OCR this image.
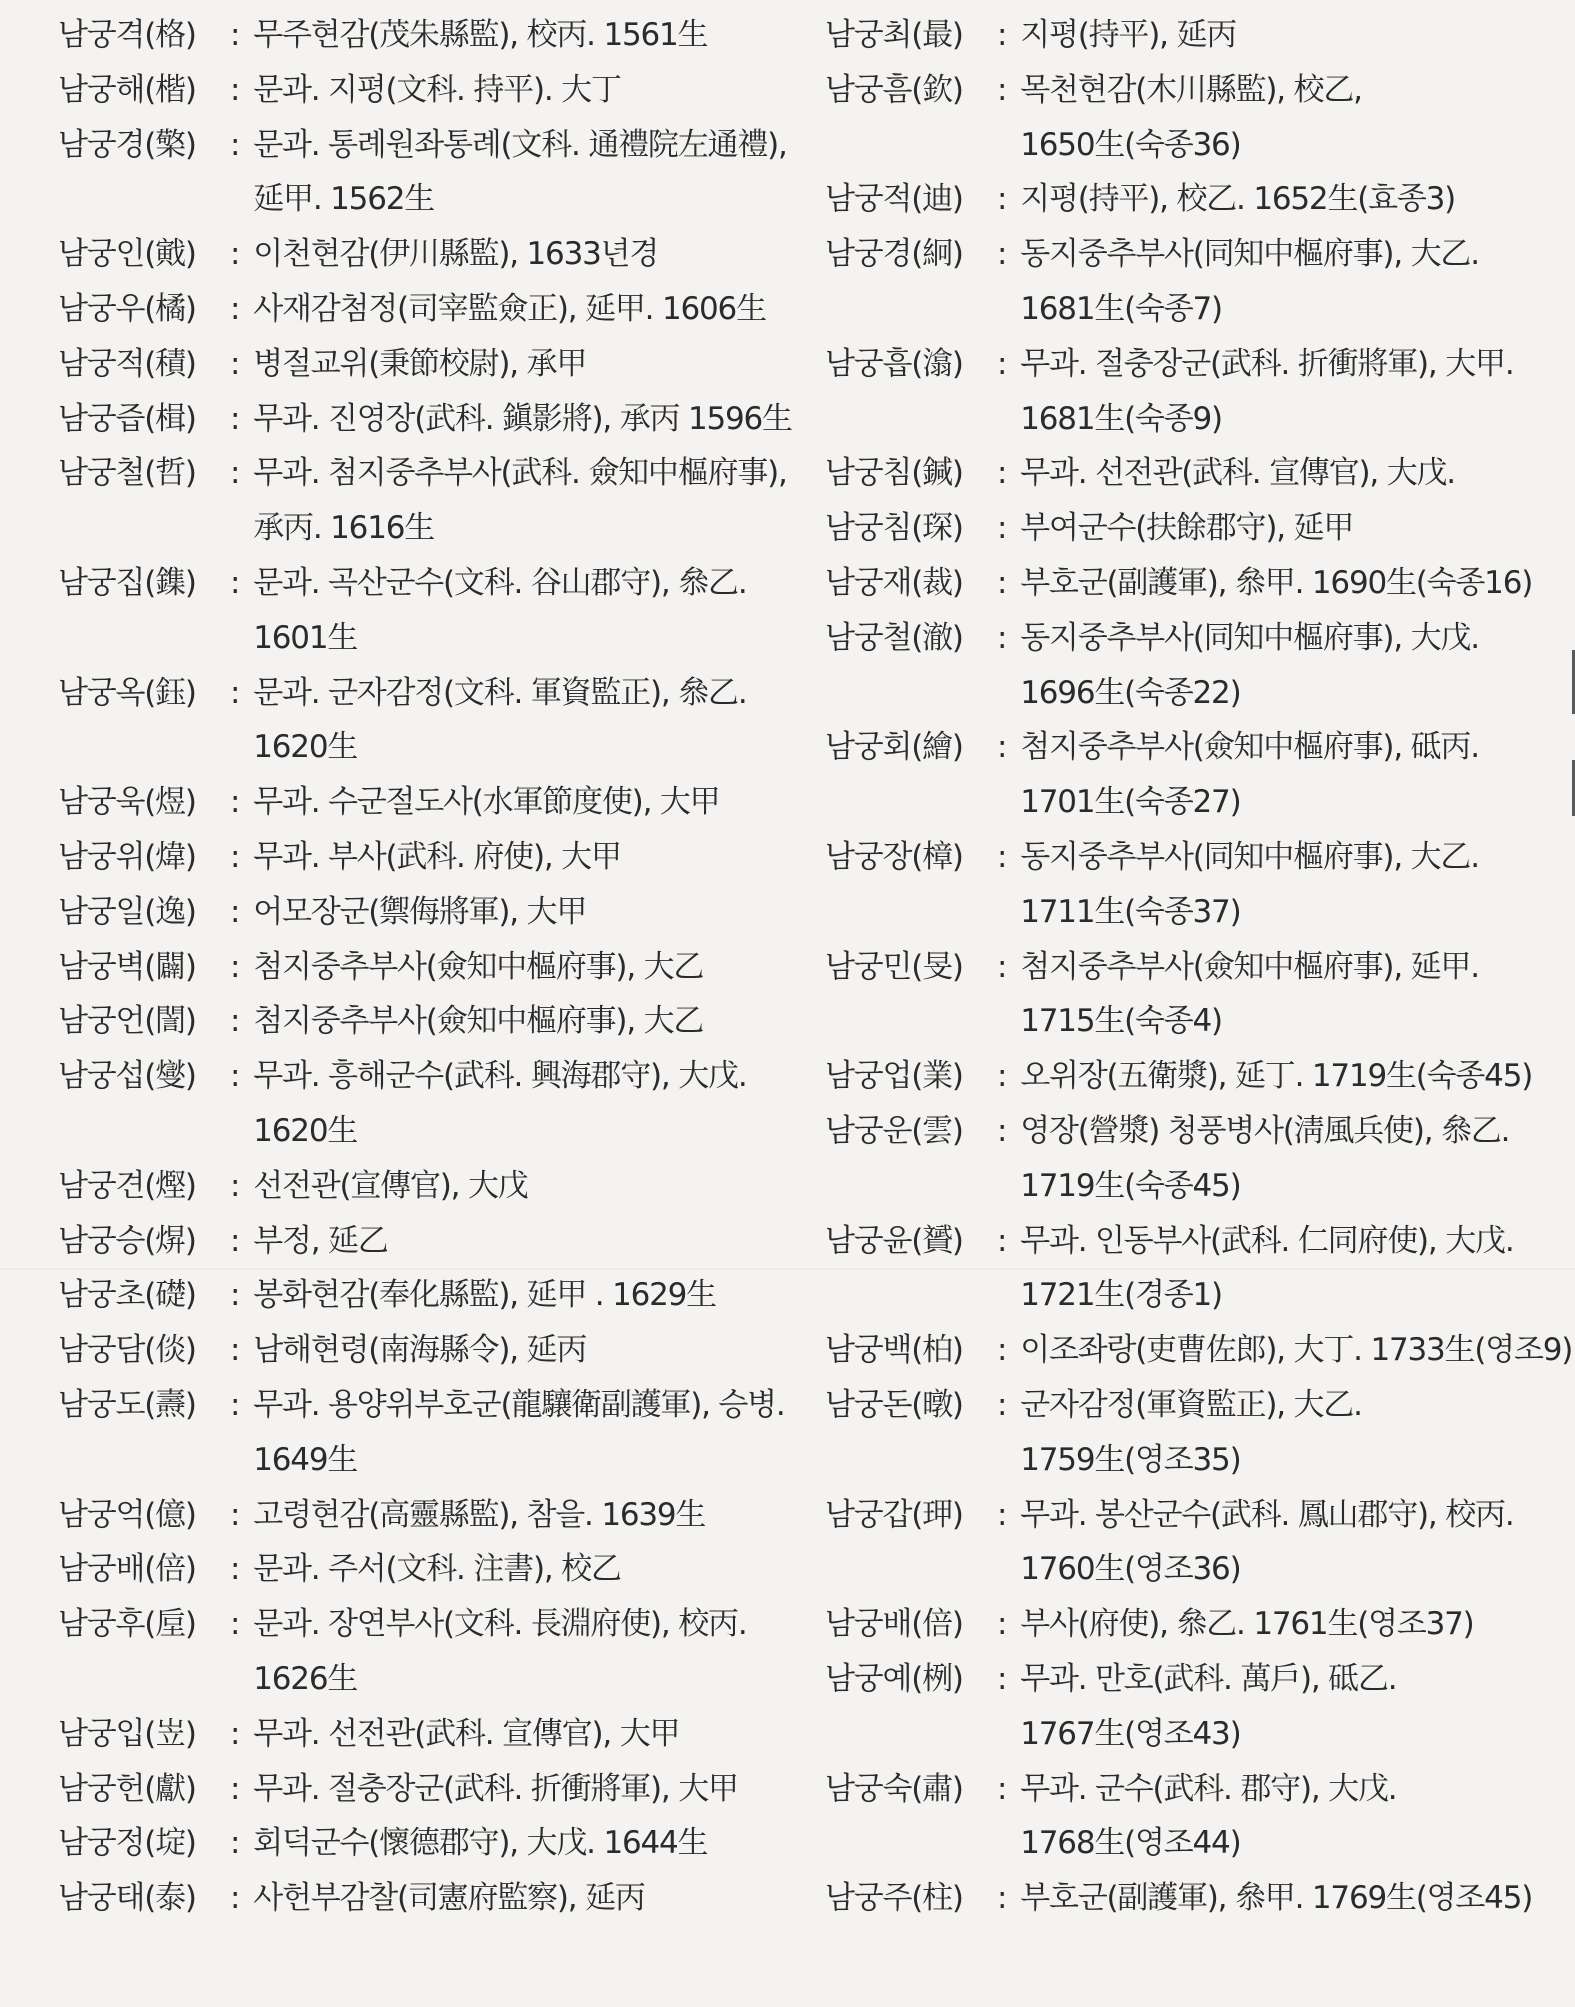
남궁격(格)	: 무주현감(茂朱縣監), 校丙. 1561生
남궁해(楷)	: 문과. 지평(文科. 持平). 大丁
남궁경(檠)	: 문과. 통례원좌통례(文科. 通禮院左通禮),
延甲. 1562生
남궁인(戭)	: 이천현감(伊川縣監), 1633년경
남궁우(橘)	: 사재감첨정(司宰監僉正), 延甲. 1606生
남궁적(積)	: 병절교위(秉節校尉), 承甲
남궁즙(楫)	: 무과. 진영장(武科. 鎭影將), 承丙 1596生
남궁철(哲)	: 무과. 첨지중추부사(武科. 僉知中樞府事),
承丙. 1616生
남궁집(鏶)	: 문과. 곡산군수(文科. 谷山郡守), 叅乙.
1601生
남궁옥(鈺)	: 문과. 군자감정(文科. 軍資監正), 叅乙.
1620生
남궁욱(煜)	: 무과. 수군절도사(水軍節度使), 大甲
남궁위(煒)	: 무과. 부사(武科. 府使), 大甲
남궁일(逸)	: 어모장군(禦侮將軍), 大甲
남궁벽(闢)	: 첨지중추부사(僉知中樞府事), 大乙
남궁언(誾)	: 첨지중추부사(僉知中樞府事), 大乙
남궁섭(燮)	: 무과. 흥해군수(武科. 興海郡守), 大戊.
1620生
남궁견(熞)	: 선전관(宣傳官), 大戊
남궁승(焺)	: 부정, 延乙
남궁초(礎)	: 봉화현감(奉化縣監), 延甲 . 1629生
남궁담(倓)	: 남해현령(南海縣令), 延丙
남궁도(燾)	: 무과. 용양위부호군(龍驤衛副護軍), 승병.
1649生
남궁억(億)	: 고령현감(高靈縣監), 참을. 1639生
남궁배(倍)	: 문과. 주서(文科. 注書), 校乙
남궁후(垕)	: 문과. 장연부사(文科. 長淵府使), 校丙.
1626生
남궁입(岦)	: 무과. 선전관(武科. 宣傳官), 大甲
남궁헌(獻)	: 무과. 절충장군(武科. 折衝將軍), 大甲
남궁정(埞)	: 회덕군수(懷德郡守), 大戊. 1644生
남궁태(泰)	: 사헌부감찰(司憲府監察), 延丙
남궁최(最)	: 지평(持平), 延丙
남궁흠(欽)	: 목천현감(木川縣監), 校乙,
1650生(숙종36)
남궁적(迪)	: 지평(持平), 校乙. 1652生(효종3)
남궁경(絅)	: 동지중추부사(同知中樞府事), 大乙.
1681生(숙종7)
남궁흡(潝)	: 무과. 절충장군(武科. 折衝將軍), 大甲.
1681生(숙종9)
남궁침(鍼)	: 무과. 선전관(武科. 宣傳官), 大戊.
남궁침(琛)	: 부여군수(扶餘郡守), 延甲
남궁재(裁)	: 부호군(副護軍), 叅甲. 1690生(숙종16)
남궁철(澈)	: 동지중추부사(同知中樞府事), 大戊.
1696生(숙종22)
남궁회(繪)	: 첨지중추부사(僉知中樞府事), 砥丙.
1701生(숙종27)
남궁장(樟)	: 동지중추부사(同知中樞府事), 大乙.
1711生(숙종37)
남궁민(旻)	: 첨지중추부사(僉知中樞府事), 延甲.
1715生(숙종4)
남궁업(業)	: 오위장(五衛漿), 延丁. 1719生(숙종45)
남궁운(雲)	: 영장(營漿) 청풍병사(淸風兵使), 叅乙.
1719生(숙종45)
남궁윤(贇)	: 무과. 인동부사(武科. 仁同府使), 大戊.
1721生(경종1)
남궁백(柏)	: 이조좌랑(吏曹佐郎), 大丁. 1733生(영조9)
남궁돈(暾)	: 군자감정(軍資監正), 大乙.
1759生(영조35)
남궁갑(玾)	: 무과. 봉산군수(武科. 鳳山郡守), 校丙.
1760生(영조36)
남궁배(倍)	: 부사(府使), 叅乙. 1761生(영조37)
남궁예(栵)	: 무과. 만호(武科. 萬戶), 砥乙.
1767生(영조43)
남궁숙(肅)	: 무과. 군수(武科. 郡守), 大戊.
1768生(영조44)
남궁주(柱)	: 부호군(副護軍), 叅甲. 1769生(영조45)
